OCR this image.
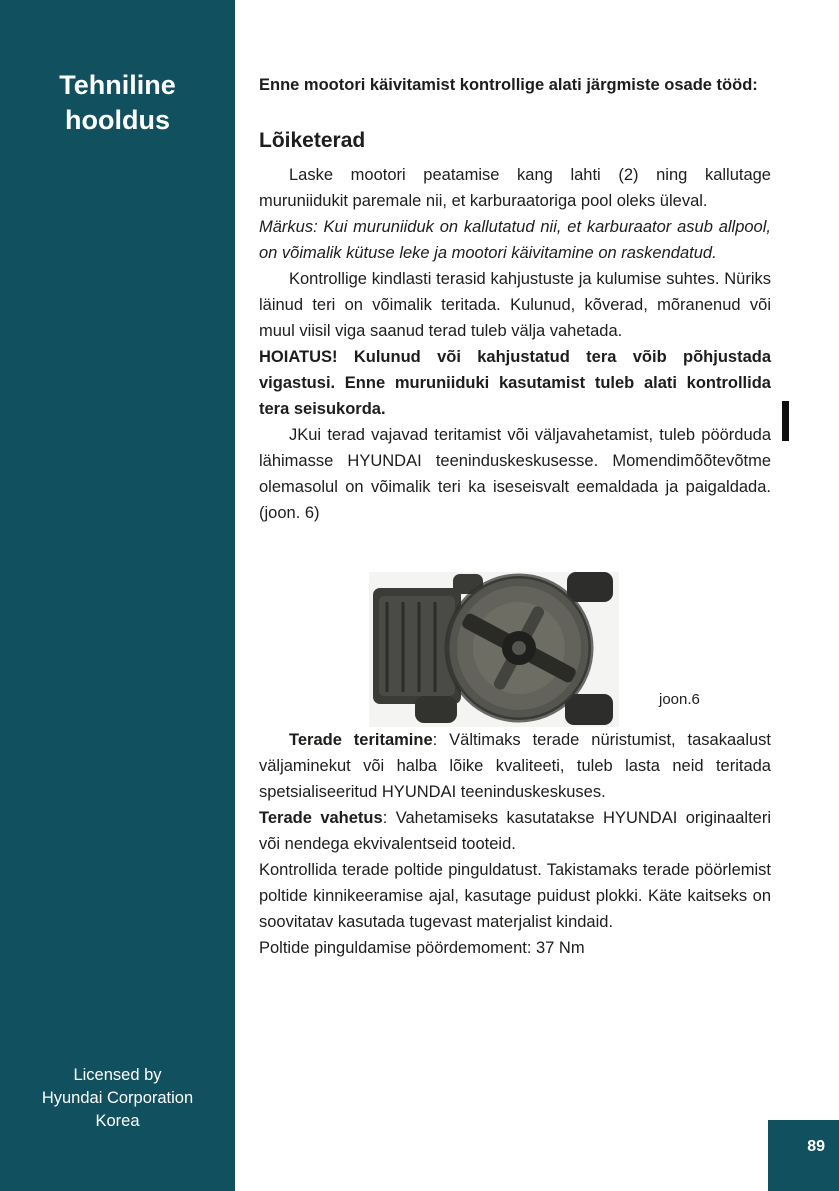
Tehniline
hooldus
Licensed by
Hyundai Corporation
Korea

Enne mootori käivitamist kontrollige alati järgmiste osade tööd:

Lõiketerad

Laske mootori peatamise kang lahti (2) ning kallutage muruniidukit paremale nii, et karburaatoriga pool oleks üleval.

Märkus: Kui muruniiduk on kallutatud nii, et karburaator asub allpool, on võimalik kütuse leke ja mootori käivitamine on raskendatud.

Kontrollige kindlasti terasid kahjustuste ja kulumise suhtes. Nüriks läinud teri on võimalik teritada. Kulunud, kõverad, mõranenud või muul viisil viga saanud terad tuleb välja vahetada.

HOIATUS! Kulunud või kahjustatud tera võib põhjustada vigastusi. Enne muruniiduki kasutamist tuleb alati kontrollida tera seisukorda.

JKui terad vajavad teritamist või väljavahetamist, tuleb pöörduda lähimasse HYUNDAI teeninduskeskusesse. Momendimõõtevõtme olemasolul on võimalik teri ka iseseisvalt eemaldada ja paigaldada. (joon. 6)

joon.6

Terade teritamine: Vältimaks terade nüristumist, tasakaalust väljaminekut või halba lõike kvaliteeti, tuleb lasta neid teritada spetsialiseeritud HYUNDAI teeninduskeskuses.

Terade vahetus: Vahetamiseks kasutatakse HYUNDAI originaalteri või nendega ekvivalentseid tooteid.

Kontrollida terade poltide pinguldatust. Takistamaks terade pöörlemist poltide kinnikeeramise ajal, kasutage puidust plokki. Käte kaitseks on soovitatav kasutada tugevast materjalist kindaid.

Poltide pinguldamise pöördemoment: 37 Nm

89
